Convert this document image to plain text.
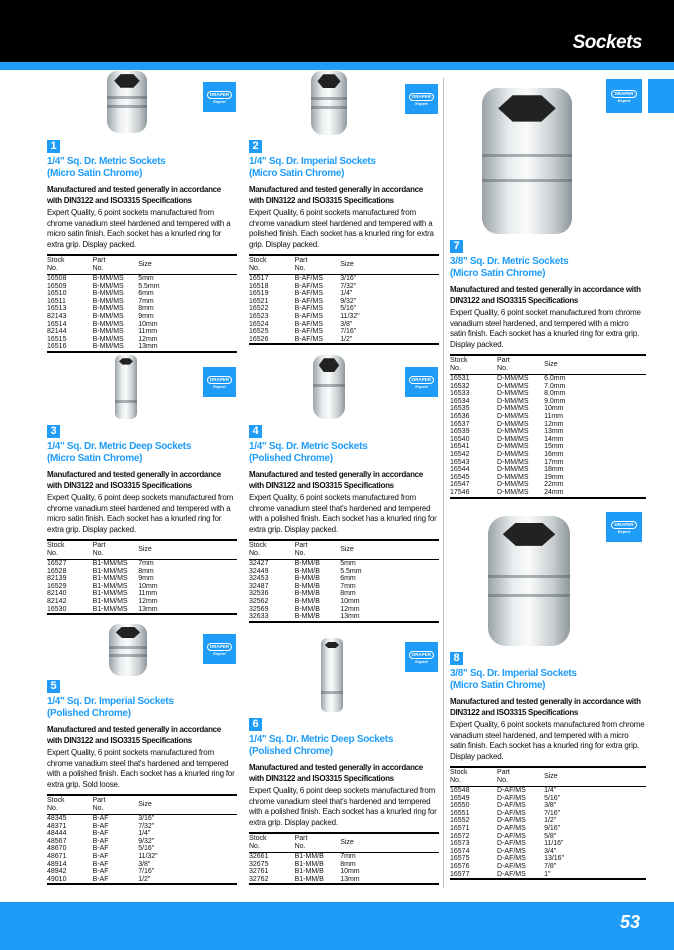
Sockets
DRAPER
Expert
1
1/4" Sq. Dr. Metric Sockets
(Micro Satin Chrome)
Manufactured and tested generally in accordance with DIN3122 and ISO3315 Specifications
Expert Quality, 6 point sockets manufactured from chrome vanadium steel hardened and tempered with a micro satin finish. Each socket has a knurled ring for extra grip. Display packed.
Stock
No.	Part
No.	Size
16508	B-MM/MS	5mm
16509	B-MM/MS	5.5mm
16510	B-MM/MS	6mm
16511	B-MM/MS	7mm
16513	B-MM/MS	8mm
82143	B-MM/MS	9mm
16514	B-MM/MS	10mm
82144	B-MM/MS	11mm
16515	B-MM/MS	12mm
16516	B-MM/MS	13mm
DRAPER
Expert
2
1/4" Sq. Dr. Imperial Sockets
(Micro Satin Chrome)
Manufactured and tested generally in accordance with DIN3122 and ISO3315 Specifications
Expert Quality, 6 point sockets manufactured from chrome vanadium steel hardened and tempered with a polished finish. Each socket has a knurled ring for extra grip. Display packed.
Stock
No.	Part
No.	Size
16517	B-AF/MS	3/16"
16518	B-AF/MS	7/32"
16519	B-AF/MS	1/4"
16521	B-AF/MS	9/32"
16522	B-AF/MS	5/16"
16523	B-AF/MS	11/32"
16524	B-AF/MS	3/8"
16525	B-AF/MS	7/16"
16526	B-AF/MS	1/2"
DRAPER
Expert
3
1/4" Sq. Dr. Metric Deep Sockets
(Micro Satin Chrome)
Manufactured and tested generally in accordance with DIN3122 and ISO3315 Specifications
Expert Quality, 6 point deep sockets manufactured from chrome vanadium steel hardened and tempered with a micro satin finish. Each socket has a knurled ring for extra grip. Display packed.
Stock
No.	Part
No.	Size
16527	B1-MM/MS	7mm
16528	B1-MM/MS	8mm
82139	B1-MM/MS	9mm
16529	B1-MM/MS	10mm
82140	B1-MM/MS	11mm
82142	B1-MM/MS	12mm
16530	B1-MM/MS	13mm
DRAPER
Expert
4
1/4" Sq. Dr. Metric Sockets
(Polished Chrome)
Manufactured and tested generally in accordance with DIN3122 and ISO3315 Specifications
Expert Quality, 6 point sockets manufactured from chrome vanadium steel that's hardened and tempered with a polished finish. Each socket has a knurled ring for extra grip. Display packed.
Stock
No.	Part
No.	Size
32427	B-MM/B	5mm
32449	B-MM/B	5.5mm
32453	B-MM/B	6mm
32487	B-MM/B	7mm
32536	B-MM/B	8mm
32562	B-MM/B	10mm
32569	B-MM/B	12mm
32633	B-MM/B	13mm
DRAPER
Expert
5
1/4" Sq. Dr. Imperial Sockets
(Polished Chrome)
Manufactured and tested generally in accordance with DIN3122 and ISO3315 Specifications
Expert Quality, 6 point sockets manufactured from chrome vanadium steel that's hardened and tempered with a polished finish. Each socket has a knurled ring for extra grip. Sold loose.
Stock
No.	Part
No.	Size
48345	B-AF	3/16"
48371	B-AF	7/32"
48444	B-AF	1/4"
48567	B-AF	9/32"
48670	B-AF	5/16"
48671	B-AF	11/32"
48914	B-AF	3/8"
48942	B-AF	7/16"
49010	B-AF	1/2"
DRAPER
Expert
6
1/4" Sq. Dr. Metric Deep Sockets
(Polished Chrome)
Manufactured and tested generally in accordance with DIN3122 and ISO3315 Specifications
Expert Quality, 6 point deep sockets manufactured from chrome vanadium steel that's hardened and tempered with a polished finish. Each socket has a knurled ring for extra grip. Display packed.
Stock
No.	Part
No.	Size
32661	B1-MM/B	7mm
32675	B1-MM/B	8mm
32761	B1-MM/B	10mm
32762	B1-MM/B	13mm
DRAPER
Expert
7
3/8" Sq. Dr. Metric Sockets
(Micro Satin Chrome)
Manufactured and tested generally in accordance with DIN3122 and ISO3315 Specifications
Expert Quality, 6 point socket manufactured from chrome vanadium steel hardened, and tempered with a micro satin finish. Each socket has a knurled ring for extra grip. Display packed.
Stock
No.	Part
No.	Size
16531	D-MM/MS	6.0mm
16532	D-MM/MS	7.0mm
16533	D-MM/MS	8.0mm
16534	D-MM/MS	9.0mm
16535	D-MM/MS	10mm
16536	D-MM/MS	11mm
16537	D-MM/MS	12mm
16539	D-MM/MS	13mm
16540	D-MM/MS	14mm
16541	D-MM/MS	15mm
16542	D-MM/MS	16mm
16543	D-MM/MS	17mm
16544	D-MM/MS	18mm
16545	D-MM/MS	19mm
16547	D-MM/MS	22mm
17546	D-MM/MS	24mm
DRAPER
Expert
8
3/8" Sq. Dr. Imperial Sockets
(Micro Satin Chrome)
Manufactured and tested generally in accordance with DIN3122 and ISO3315 Specifications
Expert Quality, 6 point sockets manufactured from chrome vanadium steel hardened, and tempered with a micro satin finish. Each socket has a knurled ring for extra grip. Display packed.
Stock
No.	Part
No.	Size
16548	D-AF/MS	1/4"
16549	D-AF/MS	5/16"
16550	D-AF/MS	3/8"
16551	D-AF/MS	7/16"
16552	D-AF/MS	1/2"
16571	D-AF/MS	9/16"
16572	D-AF/MS	5/8"
16573	D-AF/MS	11/16"
16574	D-AF/MS	3/4"
16575	D-AF/MS	13/16"
16576	D-AF/MS	7/8"
16577	D-AF/MS	1"
53
